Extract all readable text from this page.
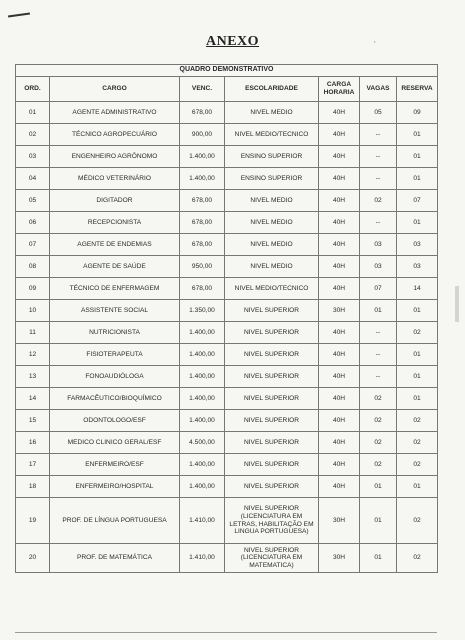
'
ANEXO
QUADRO DEMONSTRATIVO						
ORD.	CARGO	VENC.	ESCOLARIDADE	CARGA HORARIA	VAGAS	RESERVA
01	AGENTE ADMINISTRATIVO	678,00	NIVEL MEDIO	40H	05	09
02	TÉCNICO AGROPECUÁRIO	900,00	NIVEL MEDIO/TECNICO	40H	--	01
03	ENGENHEIRO AGRÔNOMO	1.400,00	ENSINO SUPERIOR	40H	--	01
04	MÉDICO VETERINÁRIO	1.400,00	ENSINO SUPERIOR	40H	--	01
05	DIGITADOR	678,00	NIVEL MEDIO	40H	02	07
06	RECEPCIONISTA	678,00	NIVEL MEDIO	40H	--	01
07	AGENTE DE ENDEMIAS	678,00	NIVEL MEDIO	40H	03	03
08	AGENTE DE SAÚDE	950,00	NIVEL MEDIO	40H	03	03
09	TÉCNICO DE ENFERMAGEM	678,00	NIVEL MEDIO/TECNICO	40H	07	14
10	ASSISTENTE SOCIAL	1.350,00	NIVEL SUPERIOR	30H	01	01
11	NUTRICIONISTA	1.400,00	NIVEL SUPERIOR	40H	--	02
12	FISIOTERAPEUTA	1.400,00	NIVEL SUPERIOR	40H	--	01
13	FONOAUDIÓLOGA	1.400,00	NIVEL SUPERIOR	40H	--	01
14	FARMACÊUTICO/BIOQUÍMICO	1.400,00	NIVEL SUPERIOR	40H	02	01
15	ODONTOLOGO/ESF	1.400,00	NIVEL SUPERIOR	40H	02	02
16	MEDICO CLINICO GERAL/ESF	4.500,00	NIVEL SUPERIOR	40H	02	02
17	ENFERMEIRO/ESF	1.400,00	NIVEL SUPERIOR	40H	02	02
18	ENFERMEIRO/HOSPITAL	1.400,00	NIVEL SUPERIOR	40H	01	01
19	PROF. DE LÍNGUA PORTUGUESA	1.410,00	NIVEL SUPERIOR (LICENCIATURA EM LETRAS, HABILITAÇÃO EM LINGUA PORTUGUESA)	30H	01	02
20	PROF. DE MATEMÁTICA	1.410,00	NIVEL SUPERIOR (LICENCIATURA EM MATEMATICA)	30H	01	02
